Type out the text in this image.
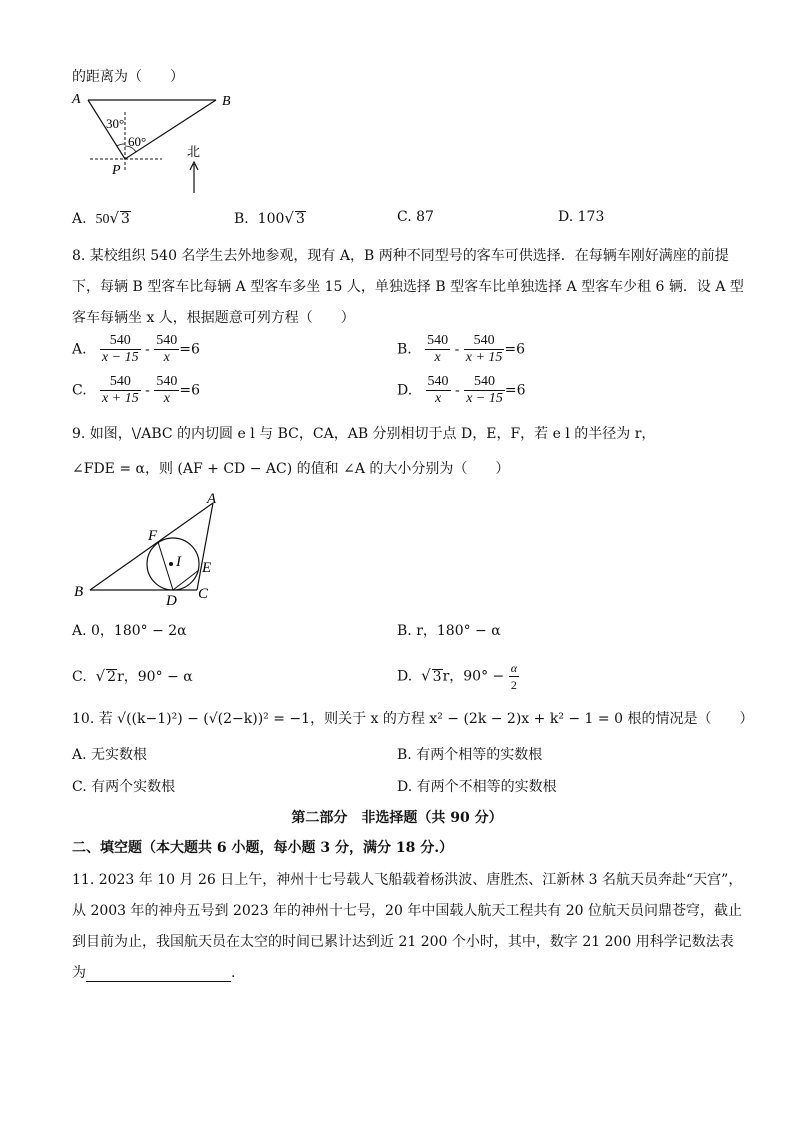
的距离为（　　）
A	B
P
30°
60°
北
A. 50√ 3	B. 100√ 3	C. 87	D. 173
8. 某校组织 540 名学生去外地参观，现有 A，B 两种不同型号的客车可供选择．在每辆车刚好满座的前提
下，每辆 B 型客车比每辆 A 型客车多坐 15 人，单独选择 B 型客车比单独选择 A 型客车少租 6 辆．设 A 型
客车每辆坐 x 人，根据题意可列方程（　　）
A. $\frac{540}{x - 15} - \frac{540}{x} =6$	B. $\frac{540}{x} - \frac{540}{x + 15} =6$
C. $\frac{540}{x + 15} - \frac{540}{x} =6$	D. $\frac{540}{x} - \frac{540}{x - 15} =6$
9. 如图，\/ABC 的内切圆 e l 与 BC，CA，AB 分别相切于点 D，E，F，若 e l 的半径为 r，
∠FDE = α，则 (AF + CD − AC) 的值和 ∠A 的大小分别为（　　）
A
B	C
D
E
F
I
A. 0，180° − 2α	B. r，180° − α
C. √ 2r，90° − α	D. √ 3r，$90^\circ - \frac{\alpha}{2}$
10. 若 √((k−1)²) − (√(2−k))² = −1，则关于 x 的方程 x² − (2k − 2)x + k² − 1 = 0 根的情况是（　　）
A. 无实数根	B. 有两个相等的实数根
C. 有两个实数根	D. 有两个不相等的实数根
第二部分　非选择题（共 90 分）
二、填空题（本大题共 6 小题，每小题 3 分，满分 18 分.）
11. 2023 年 10 月 26 日上午，神州十七号载人飞船载着杨洪波、唐胜杰、江新林 3 名航天员奔赴“天宫”，
从 2003 年的神舟五号到 2023 年的神州十七号，20 年中国载人航天工程共有 20 位航天员问鼎苍穹，截止
到目前为止，我国航天员在太空的时间已累计达到近 21 200 个小时，其中，数字 21 200 用科学记数法表
为	.
